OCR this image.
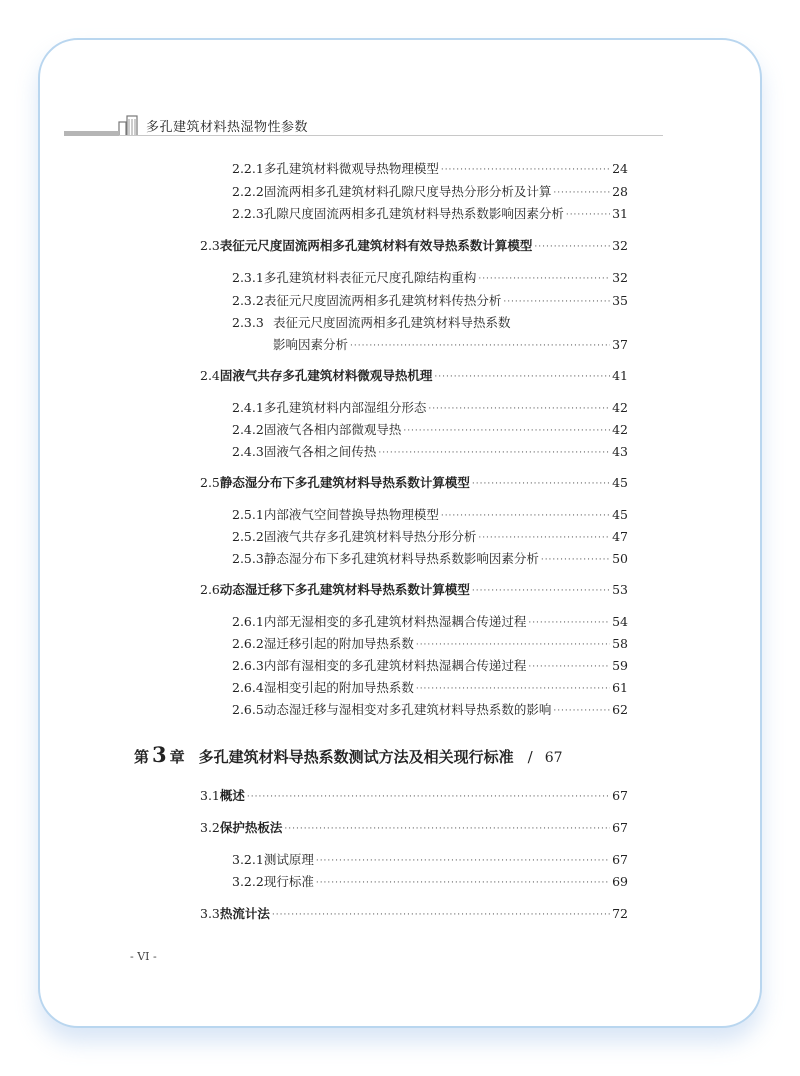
多孔建筑材料热湿物性参数
2.2.1 多孔建筑材料微观导热物理模型 ·····	24
2.2.2 固流两相多孔建筑材料孔隙尺度导热分形分析及计算 ·····	28
2.2.3 孔隙尺度固流两相多孔建筑材料导热系数影响因素分析 ·····	31
2.3 表征元尺度固流两相多孔建筑材料有效导热系数计算模型 ·····	32
2.3.1 多孔建筑材料表征元尺度孔隙结构重构 ·····	32
2.3.2 表征元尺度固流两相多孔建筑材料传热分析 ·····	35
2.3.3 表征元尺度固流两相多孔建筑材料导热系数
影响因素分析 ·····	37
2.4 固液气共存多孔建筑材料微观导热机理 ·····	41
2.4.1 多孔建筑材料内部湿组分形态 ·····	42
2.4.2 固液气各相内部微观导热 ·····	42
2.4.3 固液气各相之间传热 ·····	43
2.5 静态湿分布下多孔建筑材料导热系数计算模型 ·····	45
2.5.1 内部液气空间替换导热物理模型 ·····	45
2.5.2 固液气共存多孔建筑材料导热分形分析 ·····	47
2.5.3 静态湿分布下多孔建筑材料导热系数影响因素分析 ·····	50
2.6 动态湿迁移下多孔建筑材料导热系数计算模型 ·····	53
2.6.1 内部无湿相变的多孔建筑材料热湿耦合传递过程 ·····	54
2.6.2 湿迁移引起的附加导热系数 ·····	58
2.6.3 内部有湿相变的多孔建筑材料热湿耦合传递过程 ·····	59
2.6.4 湿相变引起的附加导热系数 ·····	61
2.6.5 动态湿迁移与湿相变对多孔建筑材料导热系数的影响 ·····	62
第 3 章 多孔建筑材料导热系数测试方法及相关现行标准 / 67
3.1 概述 ·····	67
3.2 保护热板法 ·····	67
3.2.1 测试原理 ·····	67
3.2.2 现行标准 ·····	69
3.3 热流计法 ·····	72
- VI -
